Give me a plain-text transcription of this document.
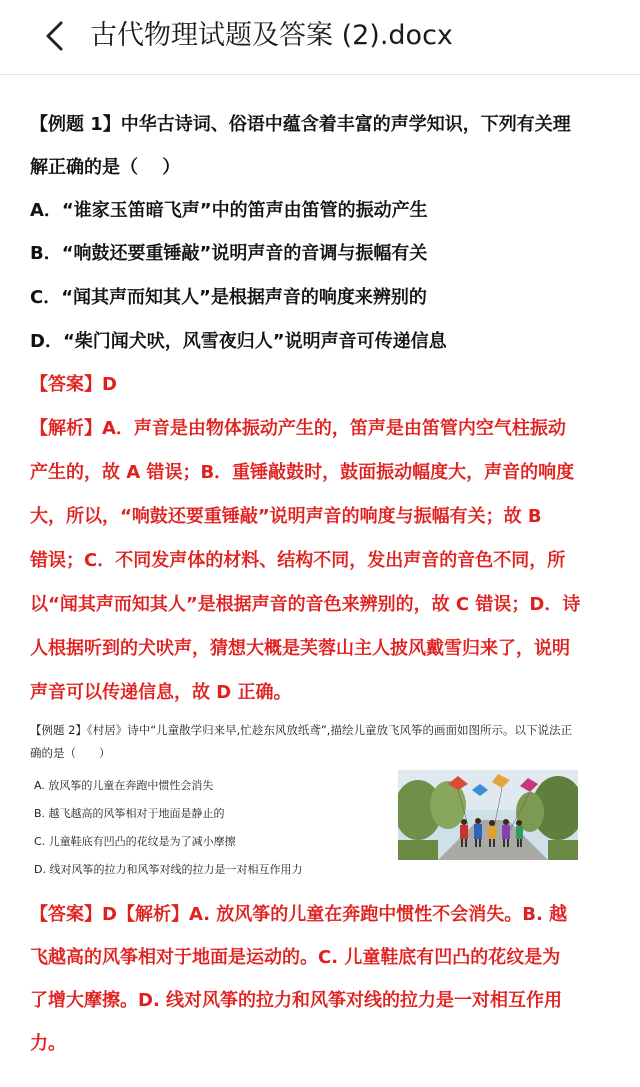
古代物理试题及答案 (2).docx
【例题 1】中华古诗词、俗语中蕴含着丰富的声学知识，下列有关理
解正确的是（　 ）
A．“谁家玉笛暗飞声”中的笛声由笛管的振动产生
B．“响鼓还要重锤敲”说明声音的音调与振幅有关
C．“闻其声而知其人”是根据声音的响度来辨别的
D．“柴门闻犬吠，风雪夜归人”说明声音可传递信息
【答案】D
【解析】A．声音是由物体振动产生的，笛声是由笛管内空气柱振动
产生的，故 A 错误；B．重锤敲鼓时，鼓面振动幅度大，声音的响度
大，所以，“响鼓还要重锤敲”说明声音的响度与振幅有关；故 B
错误；C．不同发声体的材料、结构不同，发出声音的音色不同，所
以“闻其声而知其人”是根据声音的音色来辨别的，故 C 错误；D．诗
人根据听到的犬吠声，猜想大概是芙蓉山主人披风戴雪归来了，说明
声音可以传递信息，故 D 正确。
【例题 2】《村居》诗中“儿童散学归来早,忙趁东风放纸鸢”,描绘儿童放飞风筝的画面如图所示。以下说法正
确的是（　　）
A. 放风筝的儿童在奔跑中惯性会消失
B. 越飞越高的风筝相对于地面是静止的
C. 儿童鞋底有凹凸的花纹是为了减小摩擦
D. 线对风筝的拉力和风筝对线的拉力是一对相互作用力
【答案】D【解析】A. 放风筝的儿童在奔跑中惯性不会消失。B. 越
飞越高的风筝相对于地面是运动的。C. 儿童鞋底有凹凸的花纹是为
了增大摩擦。D. 线对风筝的拉力和风筝对线的拉力是一对相互作用
力。
